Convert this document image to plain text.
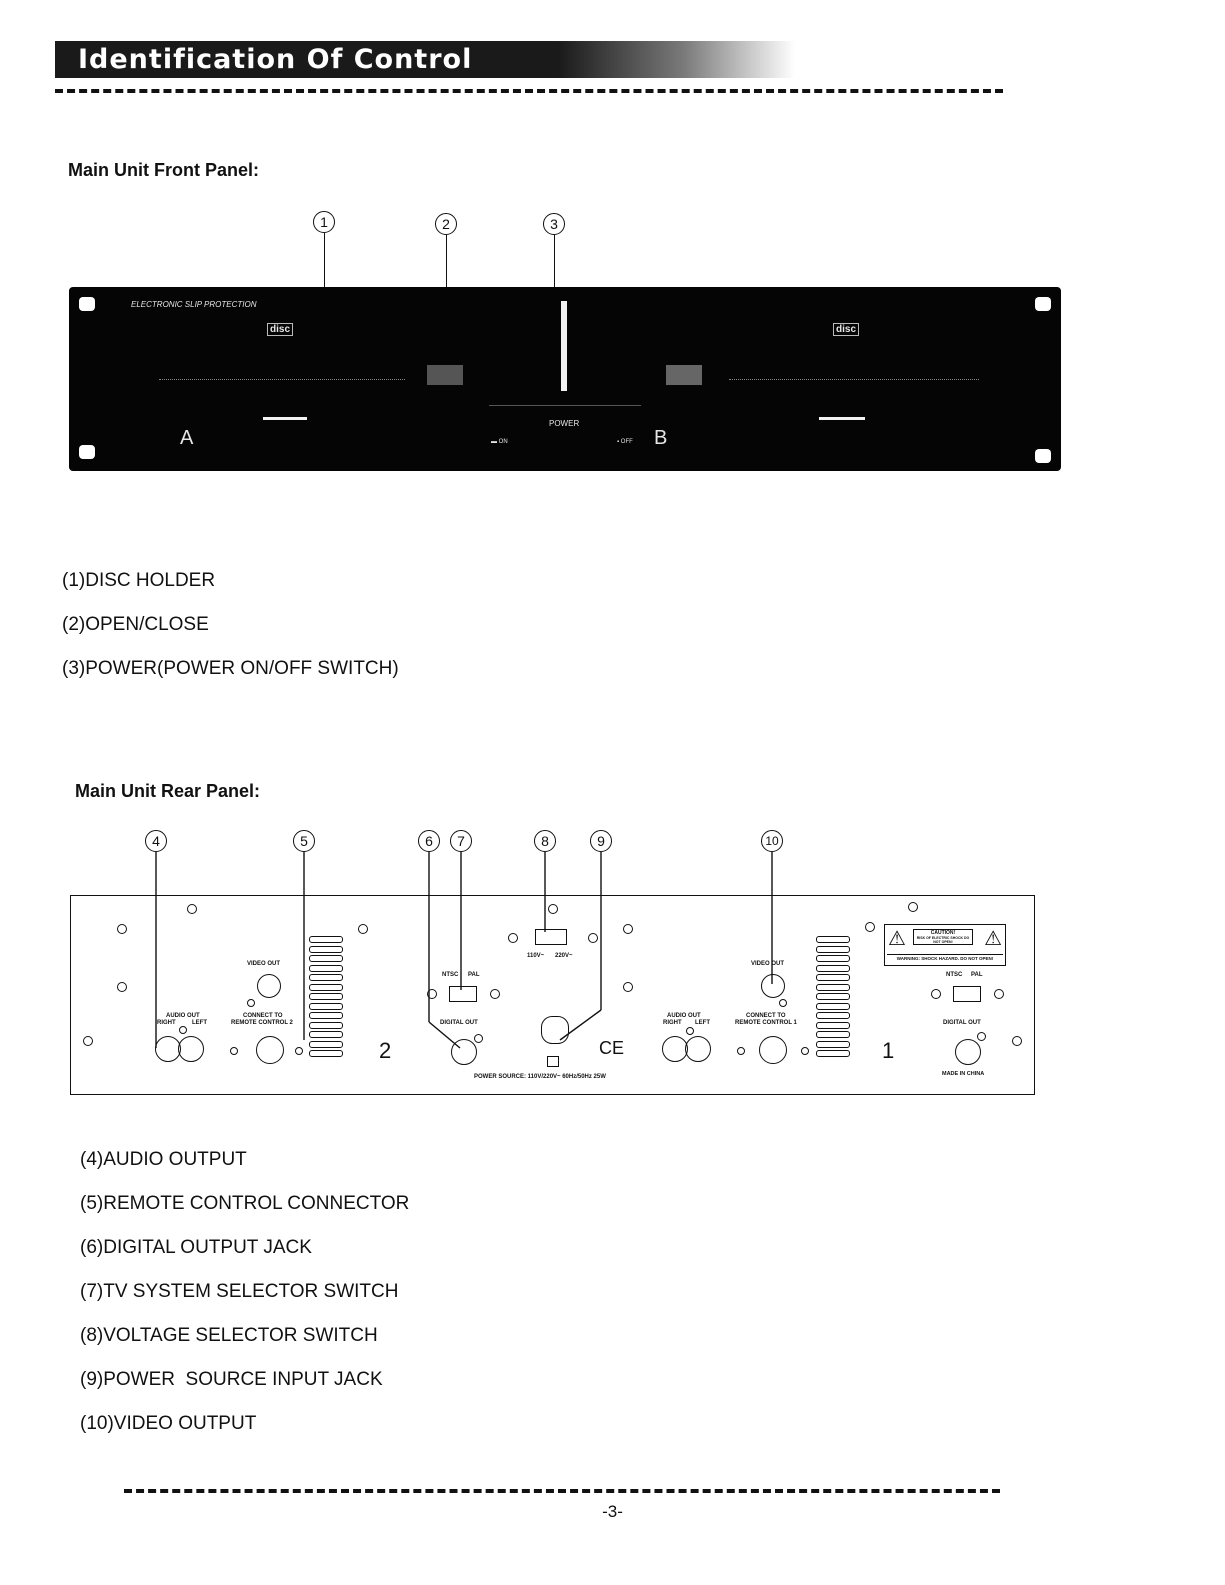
Identification Of Control
Main Unit Front Panel:
1	2	3
ELECTRONIC SLIP PROTECTION
disc	disc
POWER
▬ ON	▪ OFF
A	B
(1)DISC HOLDER
(2)OPEN/CLOSE
(3)POWER(POWER ON/OFF SWITCH)
Main Unit Rear Panel:
4	5	6	7	8	9	10
VIDEO OUT
CONNECT TO
REMOTE CONTROL 2
AUDIO OUT
RIGHT	LEFT
2
110V~ 220V~
NTSC PAL
DIGITAL OUT
CE
POWER SOURCE: 110V/220V~ 60Hz/50Hz 25W
AUDIO OUT
RIGHT LEFT
VIDEO OUT
CONNECT TO
REMOTE CONTROL 1
1
⚠	⚠
CAUTION!
RISK OF ELECTRIC SHOCK DO NOT OPEN!
WARNING: SHOCK HAZARD. DO NOT OPEN!
NTSC PAL
DIGITAL OUT
MADE IN CHINA
(4)AUDIO OUTPUT
(5)REMOTE CONTROL CONNECTOR
(6)DIGITAL OUTPUT JACK
(7)TV SYSTEM SELECTOR SWITCH
(8)VOLTAGE SELECTOR SWITCH
(9)POWER  SOURCE INPUT JACK
(10)VIDEO OUTPUT
-3-
